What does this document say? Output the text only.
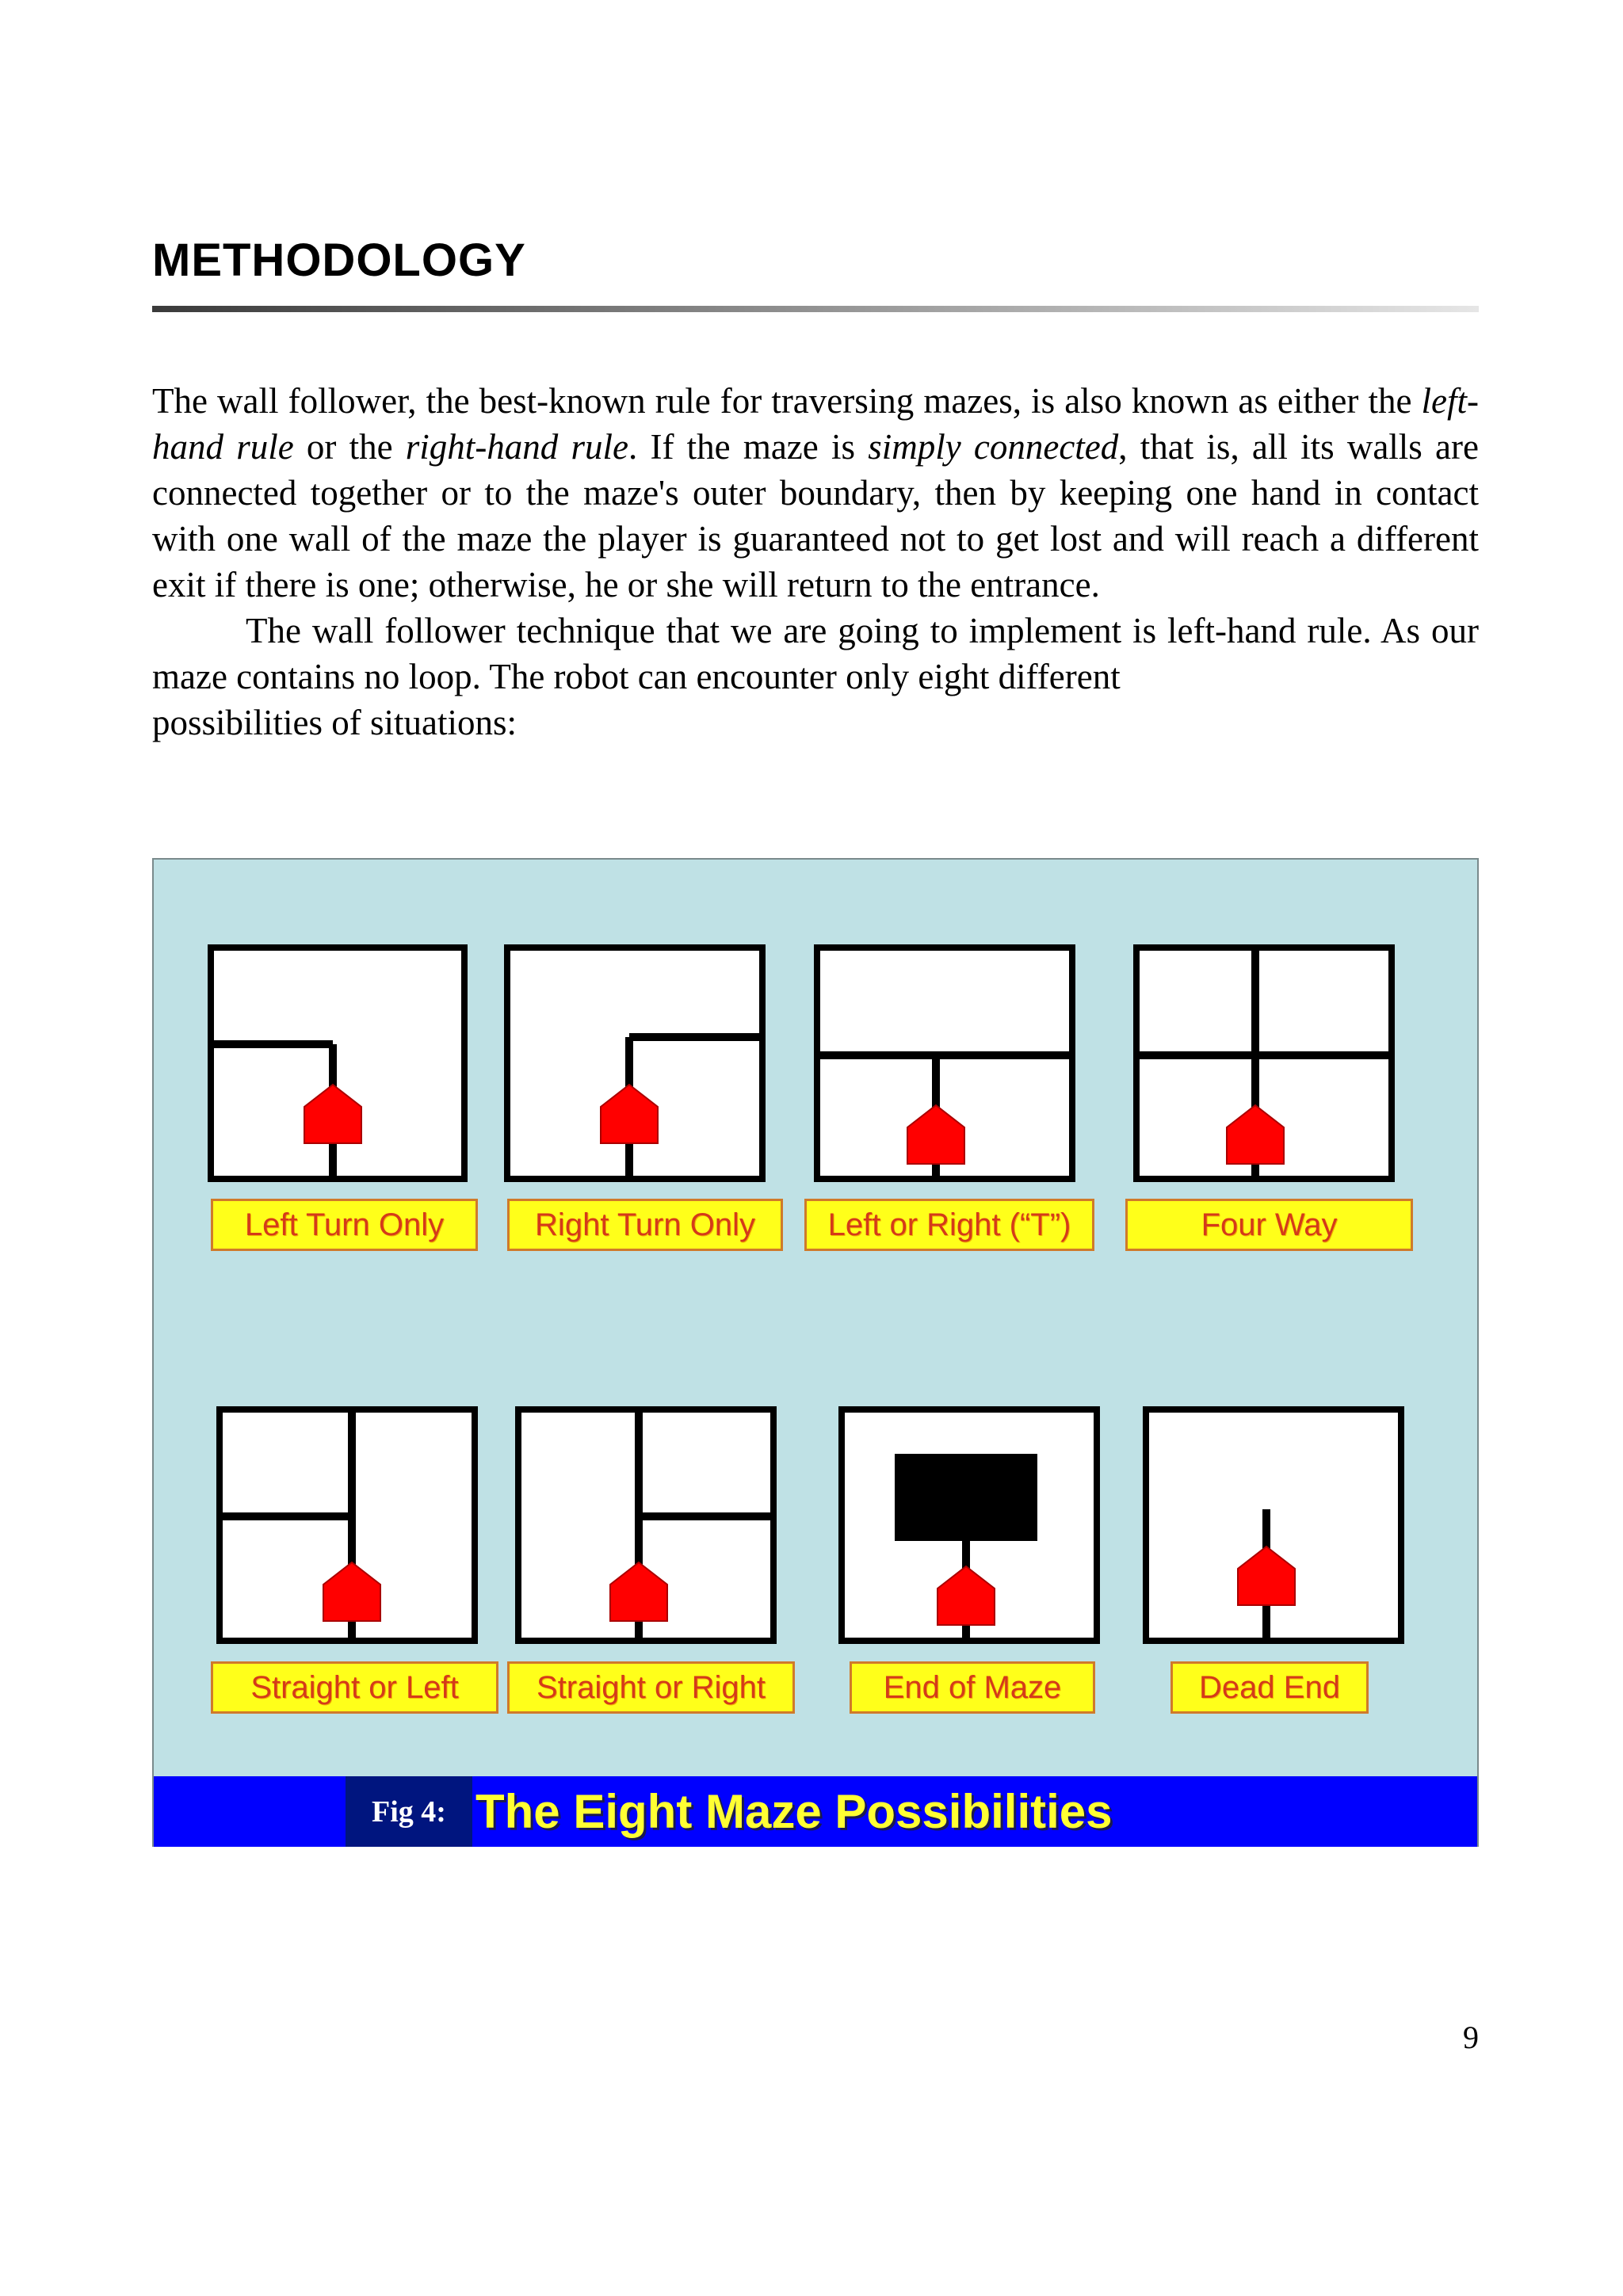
METHODOLOGY

The wall follower, the best-known rule for traversing mazes, is also known as either the left-hand rule or the right-hand rule. If the maze is simply connected, that is, all its walls are connected together or to the maze's outer boundary, then by keeping one hand in contact with one wall of the maze the player is guaranteed not to get lost and will reach a different exit if there is one; otherwise, he or she will return to the entrance.

The wall follower technique that we are going to implement is left-hand rule. As our maze contains no loop. The robot can encounter only eight different
possibilities of situations:

Left Turn Only	Right Turn Only	Left or Right (“T”)	Four Way
Straight or Left	Straight or Right	End of Maze	Dead End
Fig 4: The Eight Maze Possibilities
9
